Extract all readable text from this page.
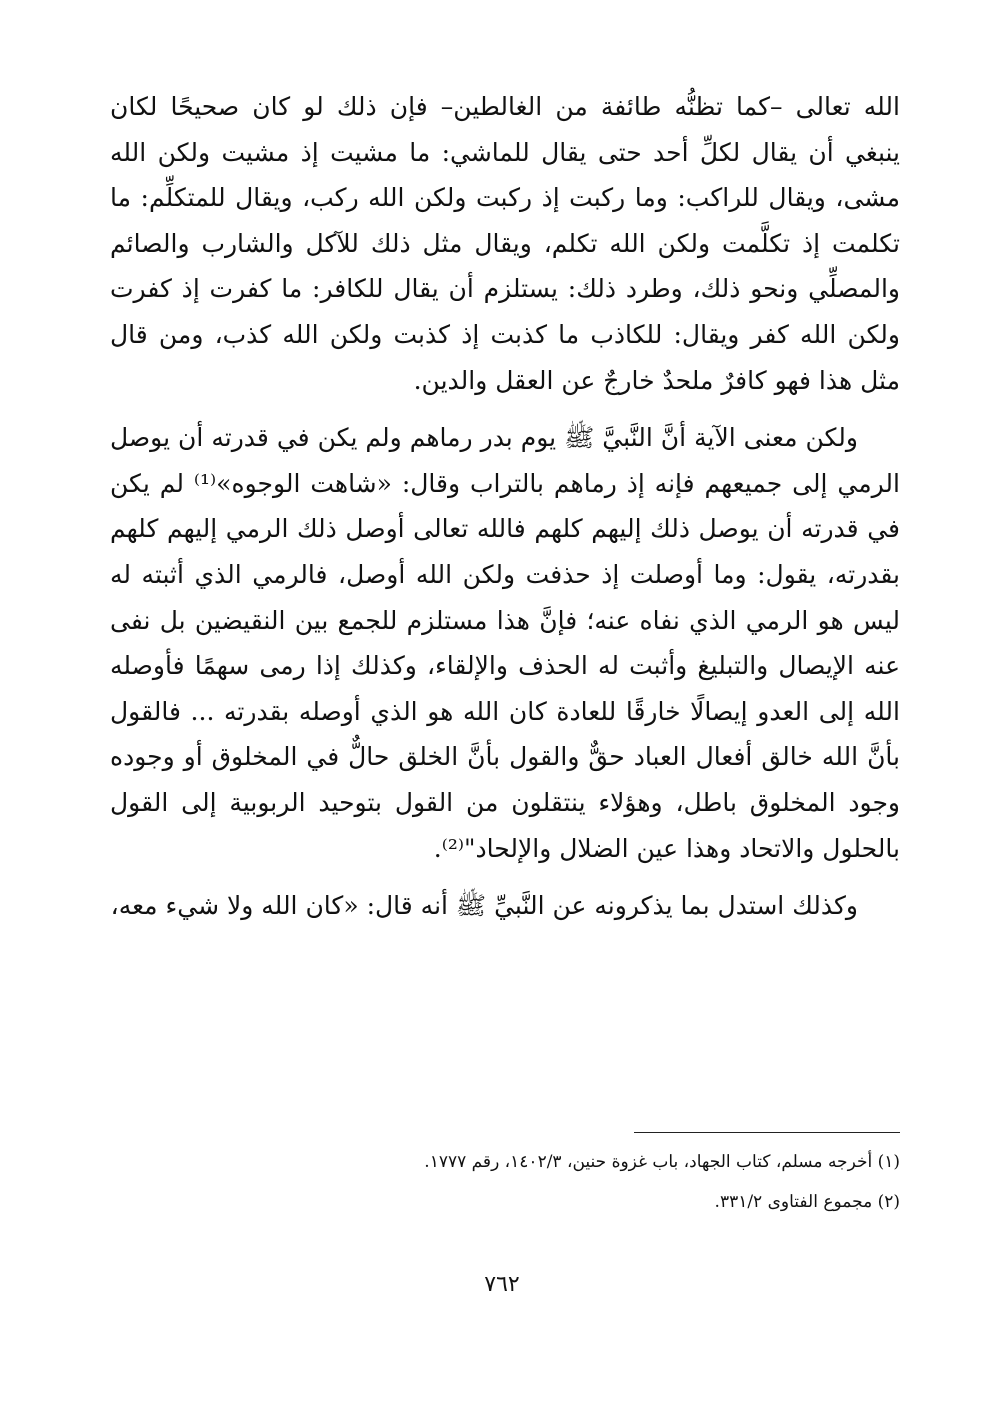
الله تعالى –كما تظنُّه طائفة من الغالطين– فإن ذلك لو كان صحيحًا لكان ينبغي أن يقال لكلِّ أحد حتى يقال للماشي: ما مشيت إذ مشيت ولكن الله مشى، ويقال للراكب: وما ركبت إذ ركبت ولكن الله ركب، ويقال للمتكلِّم: ما تكلمت إذ تكلَّمت ولكن الله تكلم، ويقال مثل ذلك للآكل والشارب والصائم والمصلِّي ونحو ذلك، وطرد ذلك: يستلزم أن يقال للكافر: ما كفرت إذ كفرت ولكن الله كفر ويقال: للكاذب ما كذبت إذ كذبت ولكن الله كذب، ومن قال مثل هذا فهو كافرٌ ملحدٌ خارجٌ عن العقل والدين.

ولكن معنى الآية أنَّ النَّبيَّ ﷺ يوم بدر رماهم ولم يكن في قدرته أن يوصل الرمي إلى جميعهم فإنه إذ رماهم بالتراب وقال: «شاهت الوجوه»⁽¹⁾ لم يكن في قدرته أن يوصل ذلك إليهم كلهم فالله تعالى أوصل ذلك الرمي إليهم كلهم بقدرته، يقول: وما أوصلت إذ حذفت ولكن الله أوصل، فالرمي الذي أثبته له ليس هو الرمي الذي نفاه عنه؛ فإنَّ هذا مستلزم للجمع بين النقيضين بل نفى عنه الإيصال والتبليغ وأثبت له الحذف والإلقاء، وكذلك إذا رمى سهمًا فأوصله الله إلى العدو إيصالًا خارقًا للعادة كان الله هو الذي أوصله بقدرته ... فالقول بأنَّ الله خالق أفعال العباد حقٌّ والقول بأنَّ الخلق حالٌّ في المخلوق أو وجوده وجود المخلوق باطل، وهؤلاء ينتقلون من القول بتوحيد الربوبية إلى القول بالحلول والاتحاد وهذا عين الضلال والإلحاد"⁽²⁾.

وكذلك استدل بما يذكرونه عن النَّبيِّ ﷺ أنه قال: «كان الله ولا شيء معه،

(١) أخرجه مسلم، كتاب الجهاد، باب غزوة حنين، ١٤٠٢/٣، رقم ١٧٧٧.

(٢) مجموع الفتاوى ٣٣١/٢.

٧٦٢
